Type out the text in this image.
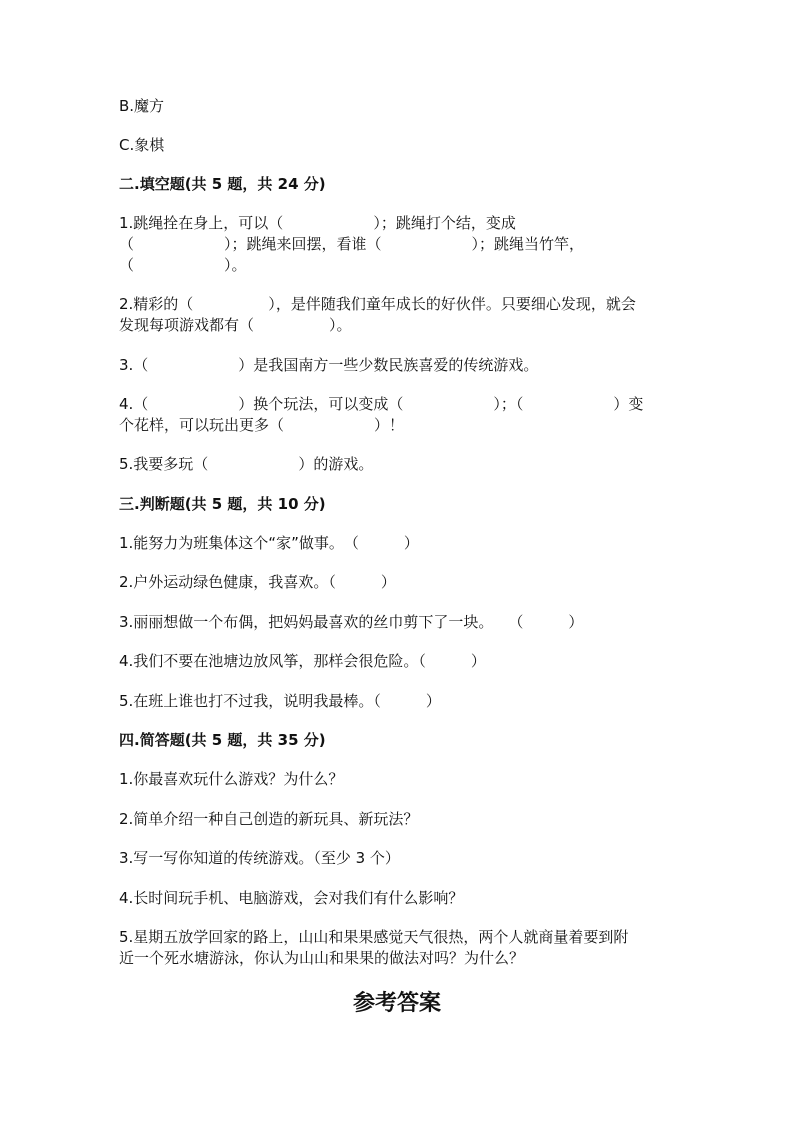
B.魔方
C.象棋
二.填空题(共 5 题，共 24 分)
1.跳绳拴在身上，可以（　　　　　　）；跳绳打个结，变成
（　　　　　　）；跳绳来回摆，看谁（　　　　　　）；跳绳当竹竿，
（　　　　　　）。
2.精彩的（　　　　　），是伴随我们童年成长的好伙伴。只要细心发现，就会
发现每项游戏都有（　　　　　）。
3.（　　　　　　）是我国南方一些少数民族喜爱的传统游戏。
4.（　　　　　　）换个玩法，可以变成（　　　　　　）；（　　　　　　）变
个花样，可以玩出更多（　　　　　　）！
5.我要多玩（　　　　　　）的游戏。
三.判断题(共 5 题，共 10 分)
1.能努力为班集体这个“家”做事。　（　　　）
2.户外运动绿色健康，我喜欢。（　　　）
3.丽丽想做一个布偶，把妈妈最喜欢的丝巾剪下了一块。　　（　　　）
4.我们不要在池塘边放风筝，那样会很危险。（　　　）
5.在班上谁也打不过我，说明我最棒。（　　　）
四.简答题(共 5 题，共 35 分)
1.你最喜欢玩什么游戏？为什么？
2.简单介绍一种自己创造的新玩具、新玩法？
3.写一写你知道的传统游戏。（至少 3 个）
4.长时间玩手机、电脑游戏，会对我们有什么影响？
5.星期五放学回家的路上，山山和果果感觉天气很热，两个人就商量着要到附
近一个死水塘游泳，你认为山山和果果的做法对吗？为什么？
参考答案
